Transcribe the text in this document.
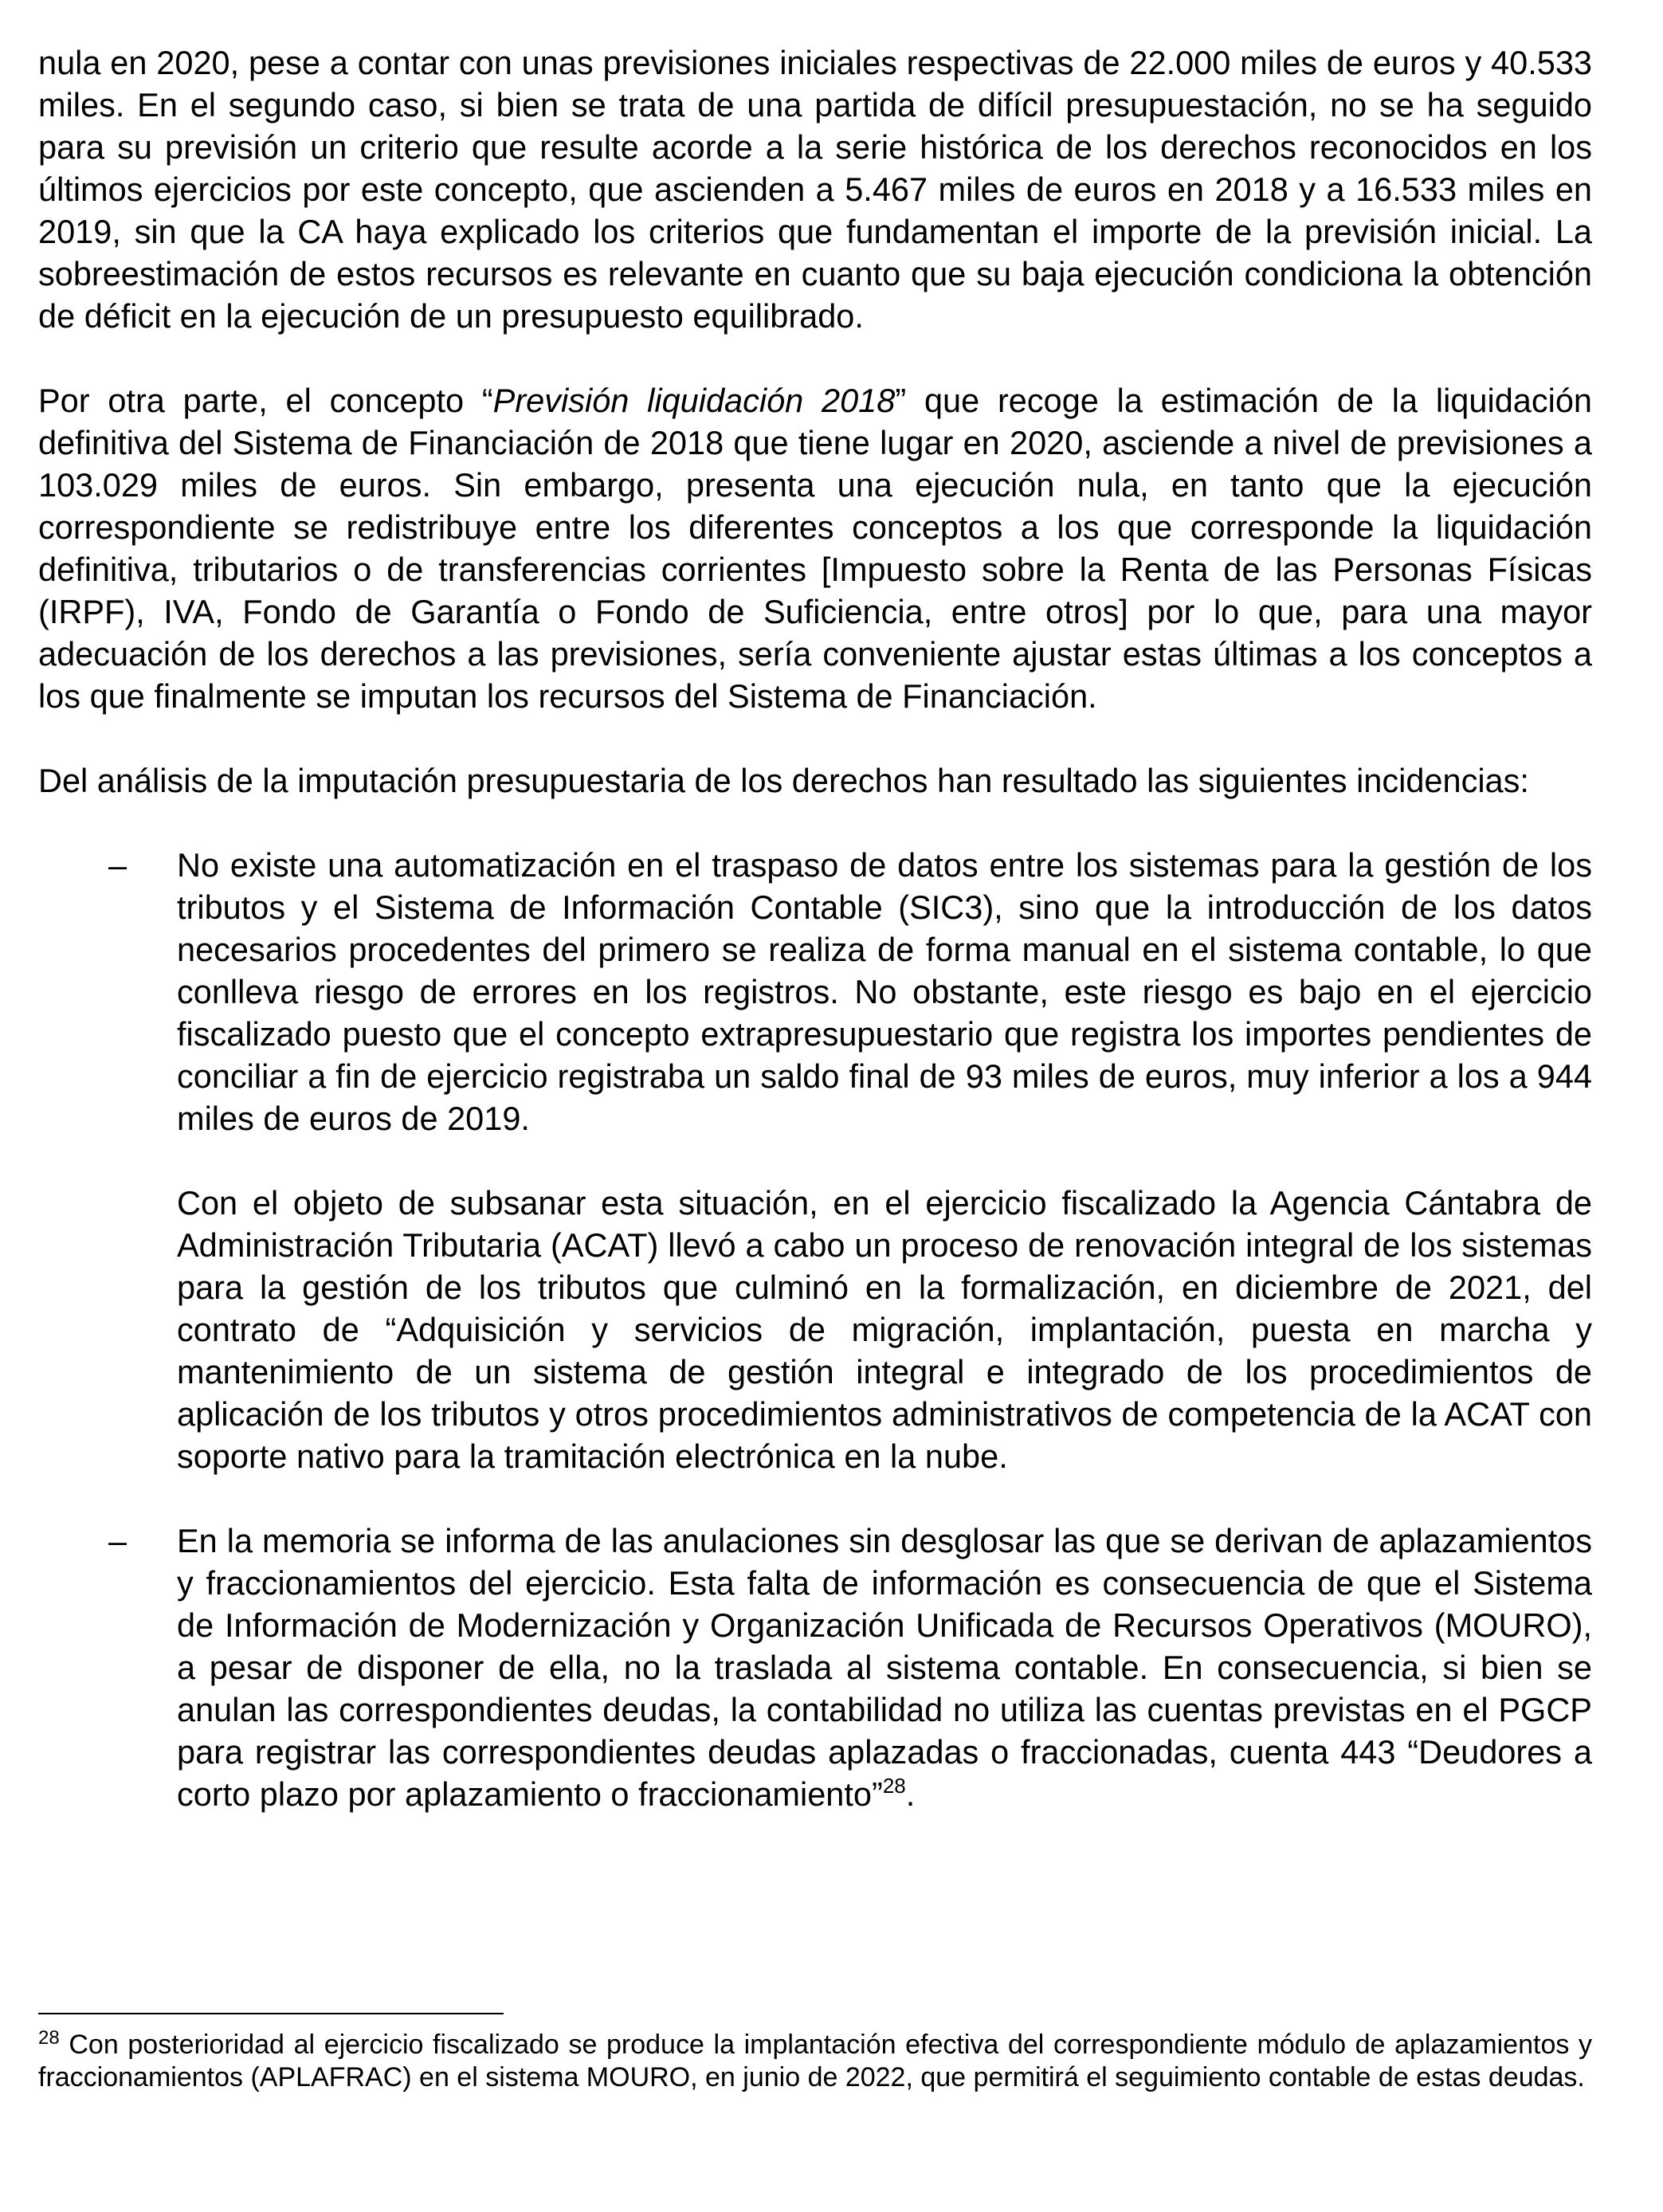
nula en 2020, pese a contar con unas previsiones iniciales respectivas de 22.000 miles de euros y 40.533 miles. En el segundo caso, si bien se trata de una partida de difícil presupuestación, no se ha seguido para su previsión un criterio que resulte acorde a la serie histórica de los derechos reconocidos en los últimos ejercicios por este concepto, que ascienden a 5.467 miles de euros en 2018 y a 16.533 miles en 2019, sin que la CA haya explicado los criterios que fundamentan el importe de la previsión inicial. La sobreestimación de estos recursos es relevante en cuanto que su baja ejecución condiciona la obtención de déficit en la ejecución de un presupuesto equilibrado.

Por otra parte, el concepto “Previsión liquidación 2018” que recoge la estimación de la liquidación definitiva del Sistema de Financiación de 2018 que tiene lugar en 2020, asciende a nivel de previsiones a 103.029 miles de euros. Sin embargo, presenta una ejecución nula, en tanto que la ejecución correspondiente se redistribuye entre los diferentes conceptos a los que corresponde la liquidación definitiva, tributarios o de transferencias corrientes [Impuesto sobre la Renta de las Personas Físicas (IRPF), IVA, Fondo de Garantía o Fondo de Suficiencia, entre otros] por lo que, para una mayor adecuación de los derechos a las previsiones, sería conveniente ajustar estas últimas a los conceptos a los que finalmente se imputan los recursos del Sistema de Financiación.

Del análisis de la imputación presupuestaria de los derechos han resultado las siguientes incidencias:

– No existe una automatización en el traspaso de datos entre los sistemas para la gestión de los tributos y el Sistema de Información Contable (SIC3), sino que la introducción de los datos necesarios procedentes del primero se realiza de forma manual en el sistema contable, lo que conlleva riesgo de errores en los registros. No obstante, este riesgo es bajo en el ejercicio fiscalizado puesto que el concepto extrapresupuestario que registra los importes pendientes de conciliar a fin de ejercicio registraba un saldo final de 93 miles de euros, muy inferior a los a 944 miles de euros de 2019.

Con el objeto de subsanar esta situación, en el ejercicio fiscalizado la Agencia Cántabra de Administración Tributaria (ACAT) llevó a cabo un proceso de renovación integral de los sistemas para la gestión de los tributos que culminó en la formalización, en diciembre de 2021, del contrato de “Adquisición y servicios de migración, implantación, puesta en marcha y mantenimiento de un sistema de gestión integral e integrado de los procedimientos de aplicación de los tributos y otros procedimientos administrativos de competencia de la ACAT con soporte nativo para la tramitación electrónica en la nube.

– En la memoria se informa de las anulaciones sin desglosar las que se derivan de aplazamientos y fraccionamientos del ejercicio. Esta falta de información es consecuencia de que el Sistema de Información de Modernización y Organización Unificada de Recursos Operativos (MOURO), a pesar de disponer de ella, no la traslada al sistema contable. En consecuencia, si bien se anulan las correspondientes deudas, la contabilidad no utiliza las cuentas previstas en el PGCP para registrar las correspondientes deudas aplazadas o fraccionadas, cuenta 443 “Deudores a corto plazo por aplazamiento o fraccionamiento”$^{28}$.

$^{28}$ Con posterioridad al ejercicio fiscalizado se produce la implantación efectiva del correspondiente módulo de aplazamientos y fraccionamientos (APLAFRAC) en el sistema MOURO, en junio de 2022, que permitirá el seguimiento contable de estas deudas.
